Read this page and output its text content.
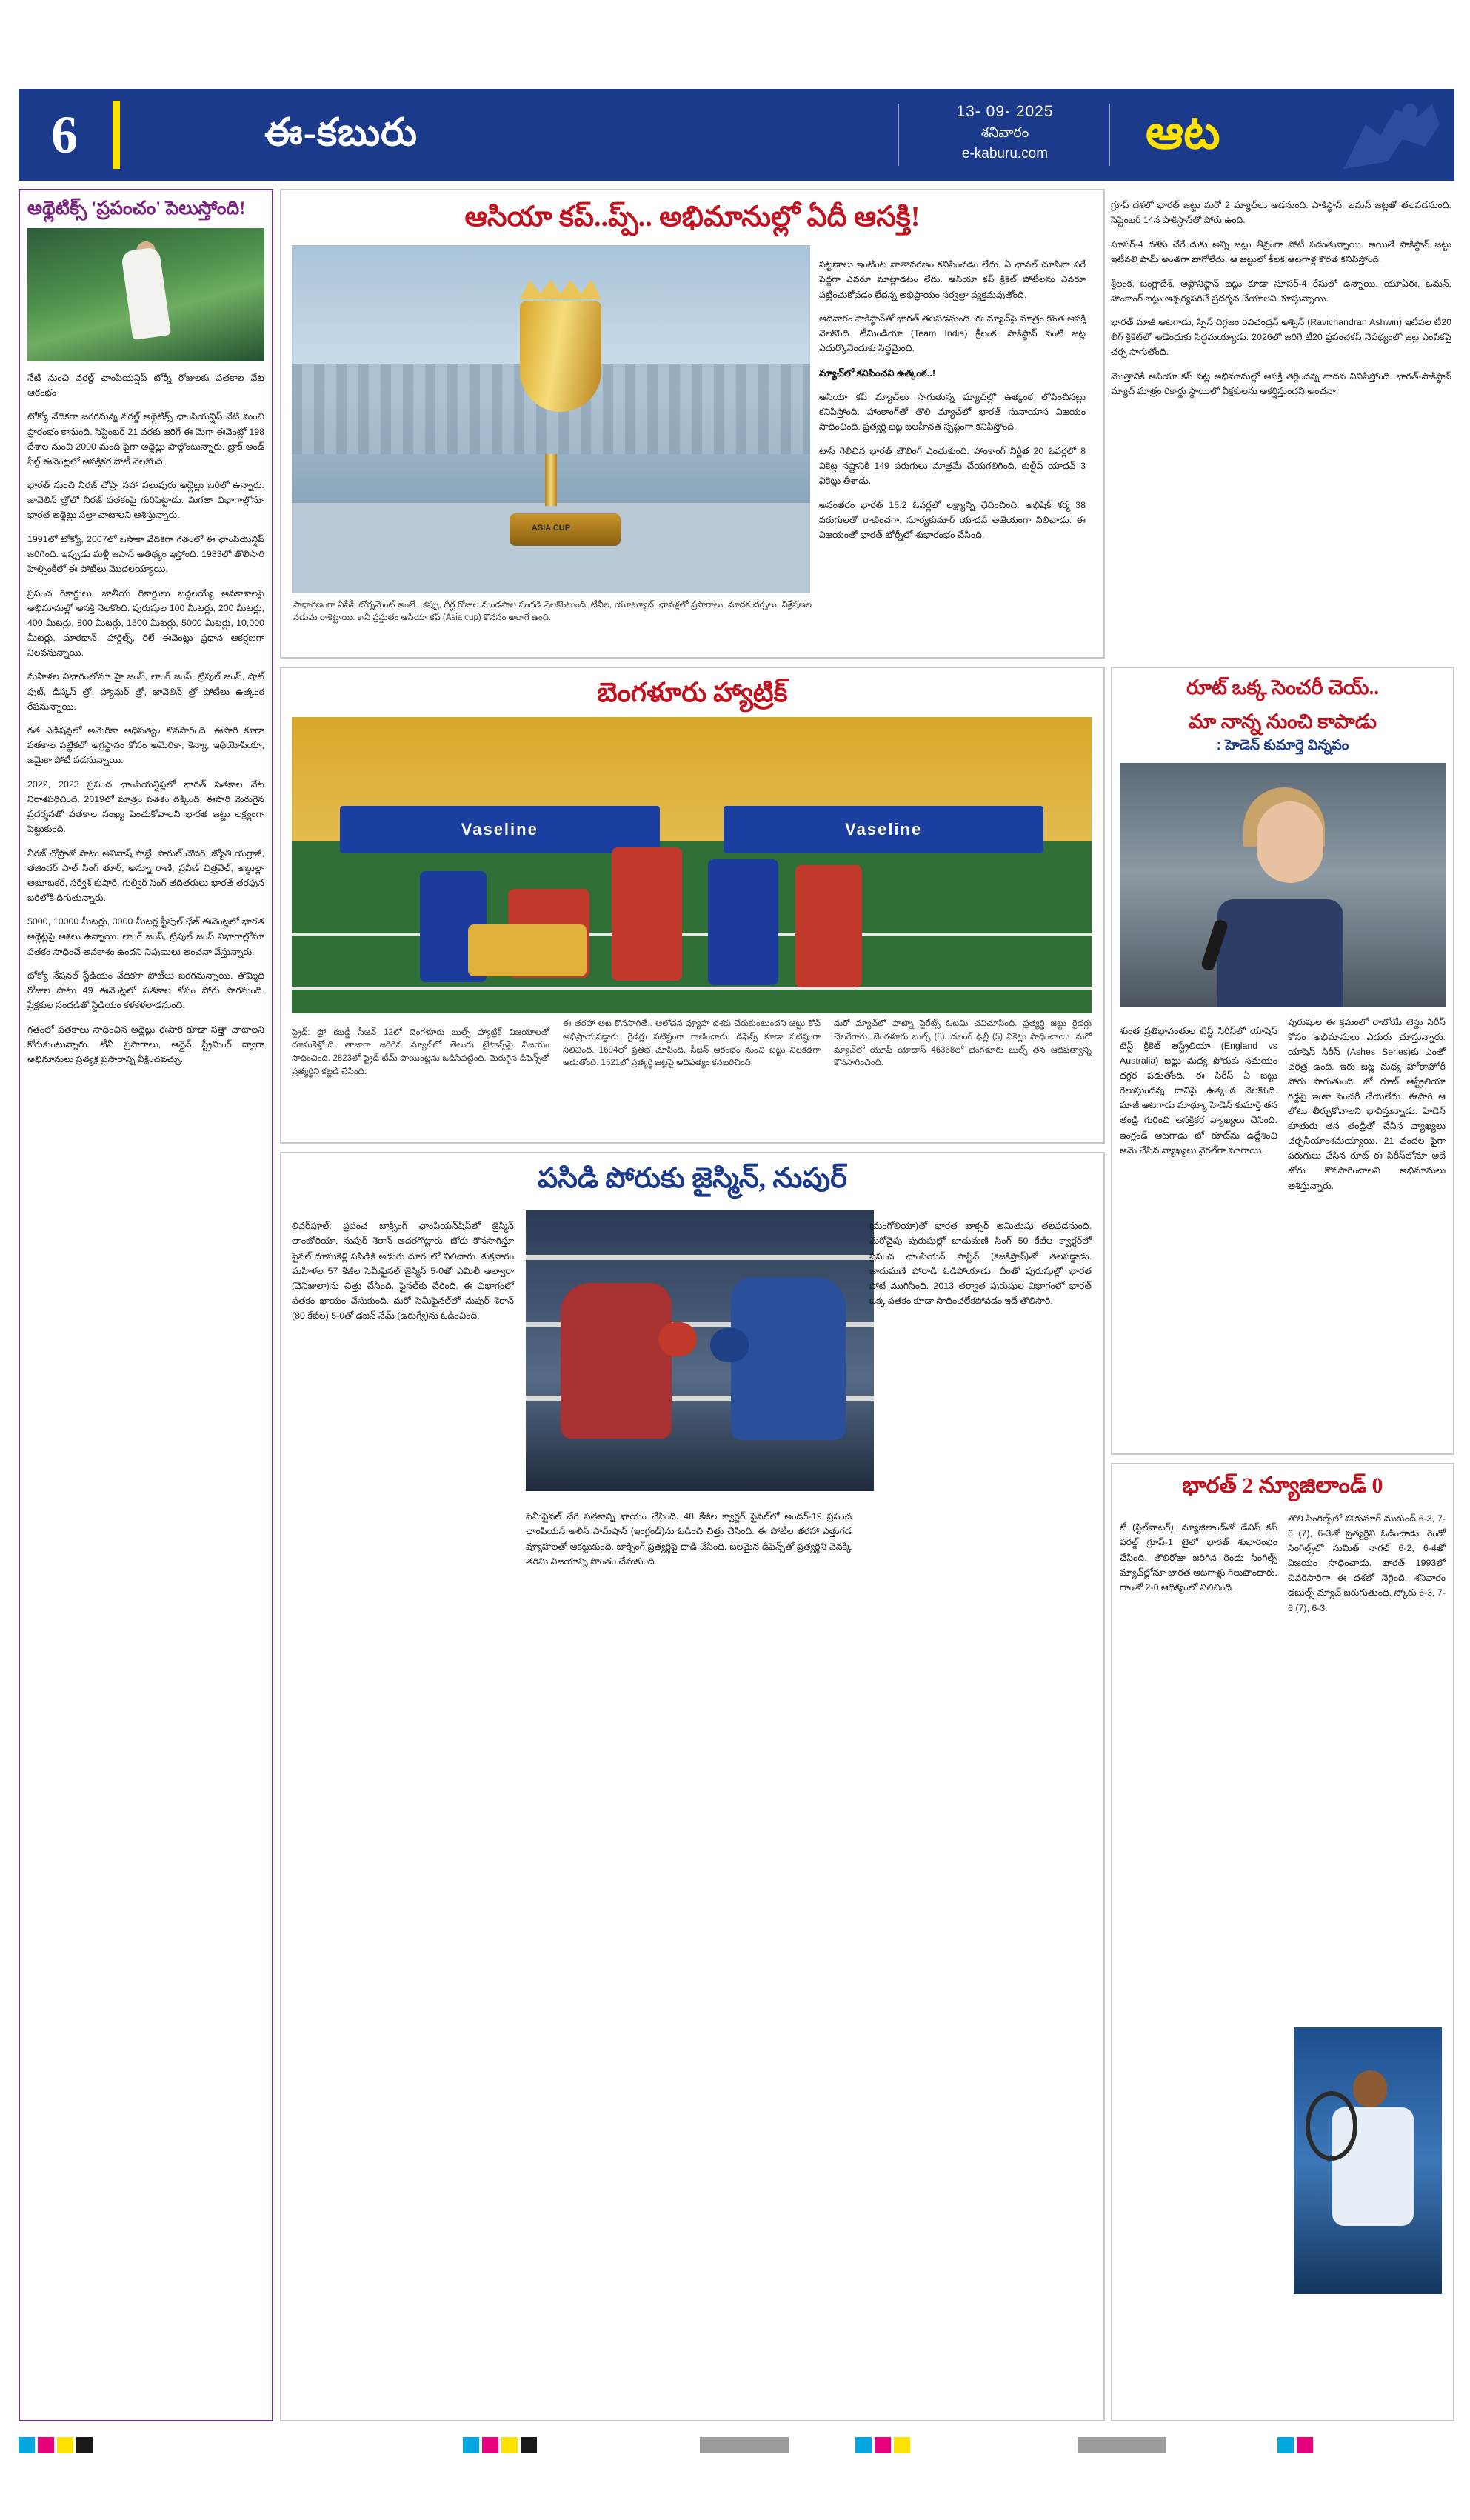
6	ఈ-కబురు
13- 09- 2025
శనివారం
e-kaburu.com	ఆట
అథ్లెటిక్స్ 'ప్రపంచం' పెలుస్తోంది!

నేటి నుంచి వరల్డ్ ఛాంపియన్షిప్ టోర్నీ రోజులకు పతకాల వేట ఆరంభం

టోక్యో వేదికగా జరగనున్న వరల్డ్ అథ్లెటిక్స్ ఛాంపియన్షిప్ నేటి నుంచి ప్రారంభం కానుంది. సెప్టెంబర్ 21 వరకు జరిగే ఈ మెగా ఈవెంట్లో 198 దేశాల నుంచి 2000 మంది పైగా అథ్లెట్లు పాల్గొంటున్నారు. ట్రాక్ అండ్ ఫీల్డ్ ఈవెంట్లలో ఆసక్తికర పోటీ నెలకొంది.

భారత్ నుంచి నీరజ్ చోప్రా సహా పలువురు అథ్లెట్లు బరిలో ఉన్నారు. జావెలిన్ త్రోలో నీరజ్ పతకంపై గురిపెట్టాడు. మిగతా విభాగాల్లోనూ భారత అథ్లెట్లు సత్తా చాటాలని ఆశిస్తున్నారు.

1991లో టోక్యో, 2007లో ఒసాకా వేదికగా గతంలో ఈ ఛాంపియన్షిప్ జరిగింది. ఇప్పుడు మళ్లీ జపాన్ ఆతిథ్యం ఇస్తోంది. 1983లో తొలిసారి హెల్సింకీలో ఈ పోటీలు మొదలయ్యాయి.

ప్రపంచ రికార్డులు, జాతీయ రికార్డులు బద్దలయ్యే అవకాశాలపై అభిమానుల్లో ఆసక్తి నెలకొంది. పురుషుల 100 మీటర్లు, 200 మీటర్లు, 400 మీటర్లు, 800 మీటర్లు, 1500 మీటర్లు, 5000 మీటర్లు, 10,000 మీటర్లు, మారథాన్, హార్డిల్స్, రిలే ఈవెంట్లు ప్రధాన ఆకర్షణగా నిలవనున్నాయి.

మహిళల విభాగంలోనూ హై జంప్, లాంగ్ జంప్, ట్రిపుల్ జంప్, షాట్ పుట్, డిస్కస్ త్రో, హ్యామర్ త్రో, జావెలిన్ త్రో పోటీలు ఉత్కంఠ రేపనున్నాయి.

గత ఎడిషన్లలో అమెరికా ఆధిపత్యం కొనసాగింది. ఈసారి కూడా పతకాల పట్టికలో అగ్రస్థానం కోసం అమెరికా, కెన్యా, ఇథియోపియా, జమైకా పోటీ పడనున్నాయి.

2022, 2023 ప్రపంచ ఛాంపియన్షిప్లలో భారత్ పతకాల వేట నిరాశపరిచింది. 2019లో మాత్రం పతకం దక్కింది. ఈసారి మెరుగైన ప్రదర్శనతో పతకాల సంఖ్య పెంచుకోవాలని భారత జట్టు లక్ష్యంగా పెట్టుకుంది.

నీరజ్ చోప్రాతో పాటు అవినాష్ సాబ్లే, పారుల్ చౌదరి, జ్యోతి యర్రాజీ, తజిందర్ పాల్ సింగ్ తూర్, అన్నూ రాణి, ప్రవీణ్ చిత్రవేల్, అబ్దుల్లా అబూబకర్, సర్వేశ్ కుషారే, గుల్వీర్ సింగ్ తదితరులు భారత్ తరఫున బరిలోకి దిగుతున్నారు.

5000, 10000 మీటర్లు, 3000 మీటర్ల స్టీపుల్ ఛేజ్ ఈవెంట్లలో భారత అథ్లెట్లపై ఆశలు ఉన్నాయి. లాంగ్ జంప్, ట్రిపుల్ జంప్ విభాగాల్లోనూ పతకం సాధించే అవకాశం ఉందని నిపుణులు అంచనా వేస్తున్నారు.

టోక్యో నేషనల్ స్టేడియం వేదికగా పోటీలు జరగనున్నాయి. తొమ్మిది రోజుల పాటు 49 ఈవెంట్లలో పతకాల కోసం పోరు సాగనుంది. ప్రేక్షకుల సందడితో స్టేడియం కళకళలాడనుంది.

గతంలో పతకాలు సాధించిన అథ్లెట్లు ఈసారి కూడా సత్తా చాటాలని కోరుకుంటున్నారు. టీవీ ప్రసారాలు, ఆన్లైన్ స్ట్రీమింగ్ ద్వారా అభిమానులు ప్రత్యక్ష ప్రసారాన్ని వీక్షించవచ్చు.

ఆసియా కప్..ప్ప్.. అభిమానుల్లో ఏదీ ఆసక్తి!
ASIA CUP
సాధారణంగా ఏసీసీ టోర్నమెంట్ అంటే.. కప్పు, దీర్ఘ రోజుల మండపాల సందడి నెలకొంటుంది. టీవీల, యూట్యూబ్, ఛానళ్లలో ప్రసారాలు, మాదక చర్చలు, విశ్లేషణల నడుమ రాకెట్టాయి. కానీ ప్రస్తుతం ఆసియా కప్ (Asia cup) కొనసం అలాగే ఉంది.

పట్టణాలు ఇంటింట వాతావరణం కనిపించడం లేదు. ఏ ఛానల్ చూసినా సరే పెద్దగా ఎవరూ మాట్లాడటం లేదు. ఆసియా కప్ క్రికెట్ పోటీలను ఎవరూ పట్టించుకోవడం లేదన్న అభిప్రాయం సర్వత్రా వ్యక్తమవుతోంది.

ఆదివారం పాకిస్థాన్‌తో భారత్ తలపడనుంది. ఈ మ్యాచ్‌పై మాత్రం కొంత ఆసక్తి నెలకొంది. టీమిండియా (Team India) శ్రీలంక, పాకిస్థాన్ వంటి జట్ల ఎదుర్కొనేందుకు సిద్ధమైంది.

మ్యాచ్‌లో కనిపించని ఉత్కంఠ..!

ఆసియా కప్ మ్యాచ్‌లు సాగుతున్న మ్యాచ్‌ల్లో ఉత్కంఠ లోపించినట్లు కనిపిస్తోంది. హాంకాంగ్‌తో తొలి మ్యాచ్‌లో భారత్ సునాయాస విజయం సాధించింది. ప్రత్యర్థి జట్ల బలహీనత స్పష్టంగా కనిపిస్తోంది.

టాస్ గెలిచిన భారత్ బౌలింగ్ ఎంచుకుంది. హాంకాంగ్ నిర్ణీత 20 ఓవర్లలో 8 వికెట్ల నష్టానికి 149 పరుగులు మాత్రమే చేయగలిగింది. కుల్దీప్ యాదవ్ 3 వికెట్లు తీశాడు.

అనంతరం భారత్ 15.2 ఓవర్లలో లక్ష్యాన్ని ఛేదించింది. అభిషేక్ శర్మ 38 పరుగులతో రాణించగా, సూర్యకుమార్ యాదవ్ అజేయంగా నిలిచాడు. ఈ విజయంతో భారత్ టోర్నీలో శుభారంభం చేసింది.

గ్రూప్ దశలో భారత్ జట్టు మరో 2 మ్యాచ్‌లు ఆడనుంది. పాకిస్థాన్, ఒమన్ జట్లతో తలపడనుంది. సెప్టెంబర్ 14న పాకిస్థాన్‌తో పోరు ఉంది.

సూపర్-4 దశకు చేరేందుకు అన్ని జట్లు తీవ్రంగా పోటీ పడుతున్నాయి. అయితే పాకిస్థాన్ జట్టు ఇటీవలి ఫామ్ అంతగా బాగోలేదు. ఆ జట్టులో కీలక ఆటగాళ్ల కొరత కనిపిస్తోంది.

శ్రీలంక, బంగ్లాదేశ్, అఫ్గానిస్థాన్ జట్లు కూడా సూపర్-4 రేసులో ఉన్నాయి. యూఏఈ, ఒమన్, హాంకాంగ్ జట్లు ఆశ్చర్యపరిచే ప్రదర్శన చేయాలని చూస్తున్నాయి.

భారత్ మాజీ ఆటగాడు, స్పిన్ దిగ్గజం రవిచంద్రన్ అశ్విన్ (Ravichandran Ashwin) ఇటీవల టీ20 లీగ్ క్రికెట్‌లో ఆడేందుకు సిద్ధమయ్యాడు. 2026లో జరిగే టీ20 ప్రపంచకప్ నేపథ్యంలో జట్ల ఎంపికపై చర్చ సాగుతోంది.

మొత్తానికి ఆసియా కప్ పట్ల అభిమానుల్లో ఆసక్తి తగ్గిందన్న వాదన వినిపిస్తోంది. భారత్-పాకిస్థాన్ మ్యాచ్ మాత్రం రికార్డు స్థాయిలో వీక్షకులను ఆకర్షిస్తుందని అంచనా.

బెంగళూరు హ్యాట్రిక్
Vaseline	Vaseline

ప్రైడ్: ప్రో కబడ్డీ సీజన్ 12లో బెంగళూరు బుల్స్ హ్యాట్రిక్ విజయాలతో దూసుకెళ్తోంది. తాజాగా జరిగిన మ్యాచ్‌లో తెలుగు టైటాన్స్‌పై విజయం సాధించింది. 2823లో ప్రైడ్ టీమ్ పాయింట్లను ఒడిసిపట్టింది. మెరుగైన డిఫెన్స్‌తో ప్రత్యర్థిని కట్టడి చేసింది.

ఈ తరహా ఆట కొనసాగితే.. ఆలోచన వ్యూహ దశకు చేరుకుంటుందని జట్టు కోచ్ అభిప్రాయపడ్డారు. రైడర్లు పటిష్టంగా రాణించారు. డిఫెన్స్ కూడా పటిష్టంగా నిలిచింది. 1694లో ప్రతిభ చూపింది. సీజన్ ఆరంభం నుంచి జట్టు నిలకడగా ఆడుతోంది. 1521లో ప్రత్యర్థి జట్లపై ఆధిపత్యం కనబరిచింది.

మరో మ్యాచ్‌లో పాట్నా పైరేట్స్ ఓటమి చవిచూసింది. ప్రత్యర్థి జట్టు రైడర్లు చెలరేగారు. బెంగళూరు బుల్స్ (8), దబంగ్ ఢిల్లీ (5) వికెట్లు సాధించాయి. మరో మ్యాచ్‌లో యూపీ యోధాస్ 46368లో బెంగళూరు బుల్స్ తన ఆధిపత్యాన్ని కొనసాగించింది.

రూట్ ఒక్క సెంచరీ చెయ్..
మా నాన్న నుంచి కాపాడు
: హెడెన్ కుమార్తె విన్నపం

శుంత ప్రతిభావంతుల టెస్ట్ సిరీస్‌లో యాషెస్ టెస్ట్ క్రికెట్ ఆస్ట్రేలియా (England vs Australia) జట్టు మధ్య పోరుకు సమయం దగ్గర పడుతోంది. ఈ సిరీస్ ఏ జట్టు గెలుస్తుందన్న దానిపై ఉత్కంఠ నెలకొంది. మాజీ ఆటగాడు మాథ్యూ హెడెన్ కుమార్తె తన తండ్రి గురించి ఆసక్తికర వ్యాఖ్యలు చేసింది. ఇంగ్లండ్ ఆటగాడు జో రూట్‌ను ఉద్దేశించి ఆమె చేసిన వ్యాఖ్యలు వైరల్‌గా మారాయి.

పురుషుల ఈ క్రమంలో రాబోయే టెస్టు సిరీస్ కోసం అభిమానులు ఎదురు చూస్తున్నారు. యాషెస్ సిరీస్ (Ashes Series)కు ఎంతో చరిత్ర ఉంది. ఇరు జట్ల మధ్య హోరాహోరీ పోరు సాగుతుంది. జో రూట్ ఆస్ట్రేలియా గడ్డపై ఇంకా సెంచరీ చేయలేదు. ఈసారి ఆ లోటు తీర్చుకోవాలని భావిస్తున్నాడు. హెడెన్ కూతురు తన తండ్రితో చేసిన వ్యాఖ్యలు చర్చనీయాంశమయ్యాయి. 21 వందల పైగా పరుగులు చేసిన రూట్ ఈ సిరీస్‌లోనూ అదే జోరు కొనసాగించాలని అభిమానులు ఆశిస్తున్నారు.

పసిడి పోరుకు జైస్మిన్, నుపుర్

లివర్‌పూల్: ప్రపంచ బాక్సింగ్ ఛాంపియన్‌షిప్‌లో జైస్మిన్ లాంబోరియా, నుపుర్ శెరాన్ అదరగొట్టారు. జోరు కొనసాగిస్తూ ఫైనల్ దూసుకెళ్లి పసిడికి అడుగు దూరంలో నిలిచారు. శుక్రవారం మహిళల 57 కేజీల సెమీఫైనల్ జైస్మిన్ 5-0తో ఎమిలీ అల్వారా (వెనిజులా)ను చిత్తు చేసింది. ఫైనల్‌కు చేరింది. ఈ విభాగంలో పతకం ఖాయం చేసుకుంది. మరో సెమీఫైనల్‌లో నుపుర్ శెరాన్ (80 కేజీల) 5-0తో డజన్ నేమ్ (ఉరుగ్వే)ను ఓడించింది.

సెమీఫైనల్ చేరి పతకాన్ని ఖాయం చేసింది. 48 కేజీల క్వార్టర్ ఫైనల్‌లో అండర్-19 ప్రపంచ ఛాంపియన్ అలిస్ పామ్‌షాన్ (ఇంగ్లండ్)ను ఓడించి చిత్తు చేసింది. ఈ పోటీల తరహా ఎత్తుగడ వ్యూహాలతో ఆకట్టుకుంది. బాక్సింగ్ ప్రత్యర్థిపై దాడి చేసింది. బలమైన డిఫెన్స్‌తో ప్రత్యర్థిని వెనక్కి తరిమి విజయాన్ని సొంతం చేసుకుంది.

(మంగోలియా)తో భారత బాక్సర్ అమితుషు తలపడనుంది. మరోవైపు పురుషుల్లో జాదుమణి సింగ్ 50 కేజీల క్వార్టర్‌లో ప్రపంచ ఛాంపియన్ సాప్ఖిన్ (కజకిస్తాన్)తో తలపడ్డాడు. జాదుమణి పోరాడి ఓడిపోయాడు. దీంతో పురుషుల్లో భారత పోటీ ముగిసింది. 2013 తర్వాత పురుషుల విభాగంలో భారత్ ఒక్క పతకం కూడా సాధించలేకపోవడం ఇదే తొలిసారి.

భారత్ 2 న్యూజిలాండ్ 0

టీ (స్టిల్‌వాటర్): న్యూజిలాండ్‌తో డేవిస్ కప్ వరల్డ్ గ్రూప్-1 టైలో భారత్ శుభారంభం చేసింది. తొలిరోజు జరిగిన రెండు సింగిల్స్ మ్యాచ్‌ల్లోనూ భారత ఆటగాళ్లు గెలుపొందారు. దాంతో 2-0 ఆధిక్యంలో నిలిచింది.

తొలి సింగిల్స్‌లో శశికుమార్ ముకుంద్ 6-3, 7-6 (7), 6-3తో ప్రత్యర్థిని ఓడించాడు. రెండో సింగిల్స్‌లో సుమిత్ నాగల్ 6-2, 6-4తో విజయం సాధించాడు. భారత్ 1993లో చివరిసారిగా ఈ దశలో నెగ్గింది. శనివారం డబుల్స్ మ్యాచ్ జరుగుతుంది. స్కోరు 6-3, 7-6 (7), 6-3.
